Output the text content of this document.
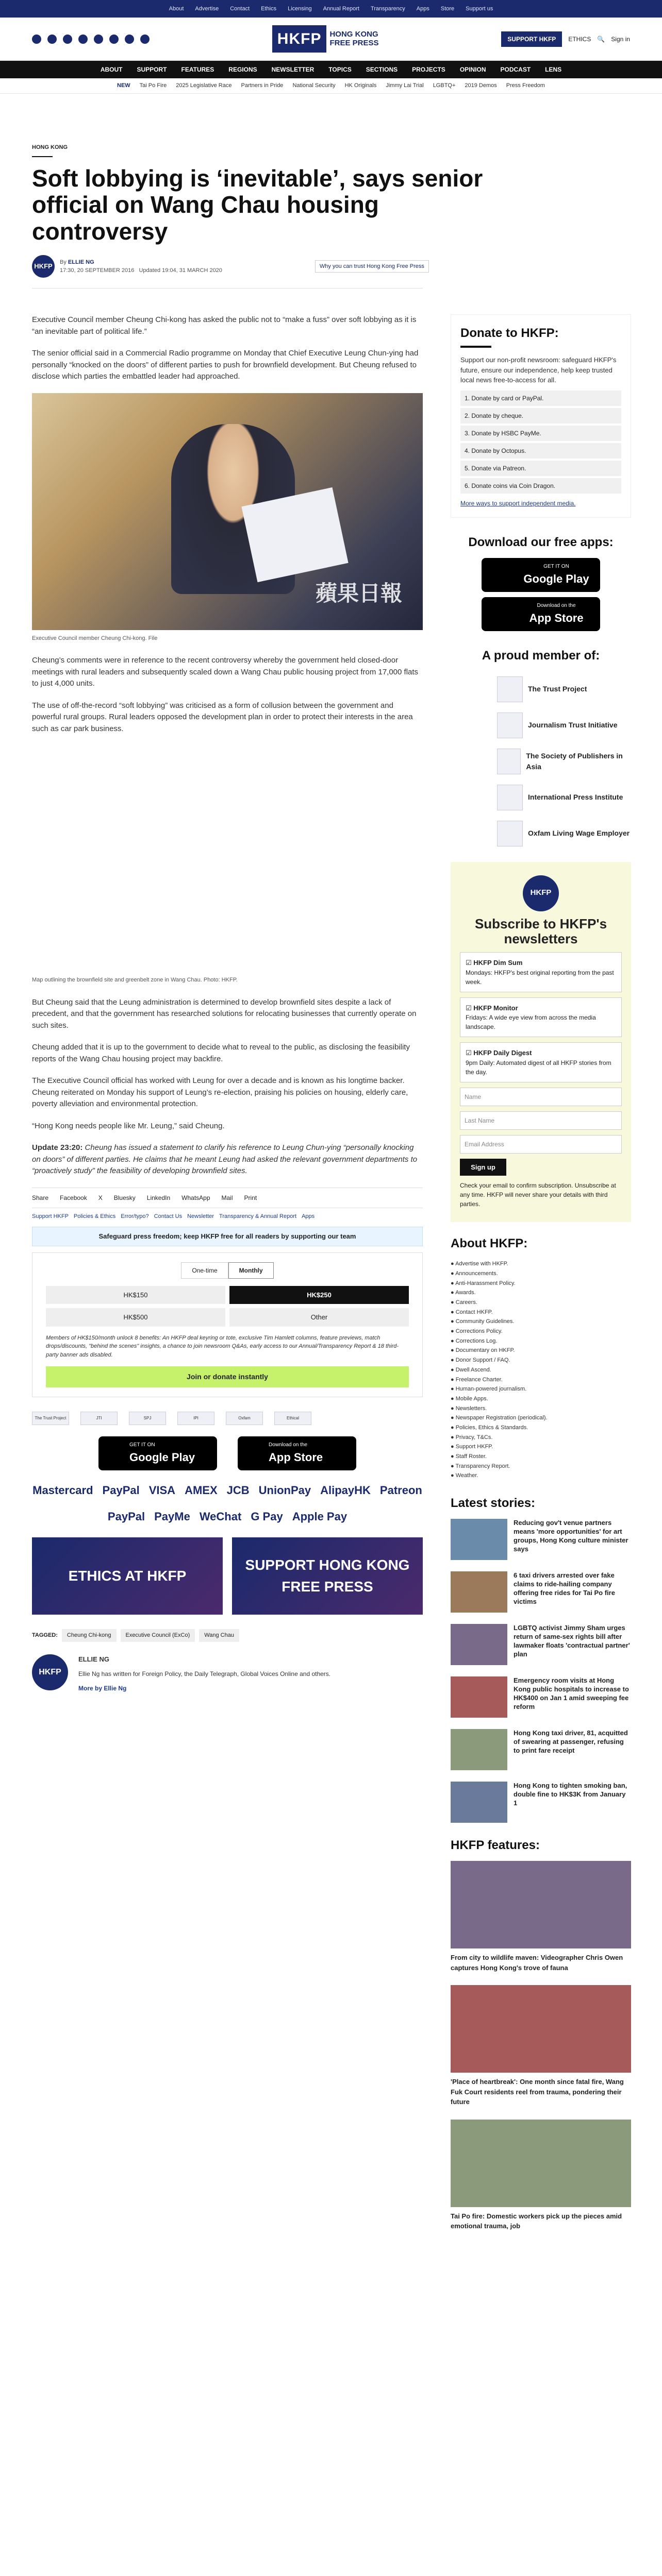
About Advertise Contact Ethics Licensing Annual Report Transparency Apps Store Support us
HKFP	HONG KONG
FREE PRESS	SUPPORT HKFP	ETHICS 🔍 Sign in
ABOUT SUPPORT FEATURES REGIONS NEWSLETTER TOPICS SECTIONS PROJECTS OPINION PODCAST LENS
NEW Tai Po Fire 2025 Legislative Race Partners in Pride National Security HK Originals Jimmy Lai Trial LGBTQ+ 2019 Demos Press Freedom
HONG KONG
Soft lobbying is ‘inevitable’, says senior official on Wang Chau housing controversy
HKFP
By ELLIE NG
17:30, 20 SEPTEMBER 2016 Updated 19:04, 31 MARCH 2020
Why you can trust Hong Kong Free Press

Executive Council member Cheung Chi-kong has asked the public not to “make a fuss” over soft lobbying as it is “an inevitable part of political life.”

The senior official said in a Commercial Radio programme on Monday that Chief Executive Leung Chun-ying had personally “knocked on the doors” of different parties to push for brownfield development. But Cheung refused to disclose which parties the embattled leader had approached.

蘋果日報
Executive Council member Cheung Chi-kong. File

Cheung’s comments were in reference to the recent controversy whereby the government held closed-door meetings with rural leaders and subsequently scaled down a Wang Chau public housing project from 17,000 flats to just 4,000 units.

The use of off-the-record “soft lobbying” was criticised as a form of collusion between the government and powerful rural groups. Rural leaders opposed the development plan in order to protect their interests in the area such as car park business.

Map outlining the brownfield site and greenbelt zone in Wang Chau. Photo: HKFP.

But Cheung said that the Leung administration is determined to develop brownfield sites despite a lack of precedent, and that the government has researched solutions for relocating businesses that currently operate on such sites.

Cheung added that it is up to the government to decide what to reveal to the public, as disclosing the feasibility reports of the Wang Chau housing project may backfire.

The Executive Council official has worked with Leung for over a decade and is known as his longtime backer. Cheung reiterated on Monday his support of Leung’s re-election, praising his policies on housing, elderly care, poverty alleviation and environmental protection.

“Hong Kong needs people like Mr. Leung,” said Cheung.

Update 23:20: Cheung has issued a statement to clarify his reference to Leung Chun-ying “personally knocking on doors” of different parties. He claims that he meant Leung had asked the relevant government departments to “proactively study” the feasibility of developing brownfield sites.

Share Facebook X Bluesky LinkedIn WhatsApp Mail Print
Support HKFP Policies & Ethics Error/typo? Contact Us Newsletter Transparency & Annual Report Apps
Safeguard press freedom; keep HKFP free for all readers by supporting our team
One-time	Monthly
HK$150	HK$250
HK$500	Other
Members of HK$150/month unlock 8 benefits: An HKFP deal keyring or tote, exclusive Tim Hamlett columns, feature previews, match drops/discounts, "behind the scenes" insights, a chance to join newsroom Q&As, early access to our Annual/Transparency Report & 18 third-party banner ads disabled.
Join or donate instantly
The Trust Project	JTI	SPJ	IPI	Oxfam	Ethical
GET IT ON
Google Play
Download on the
App Store
Mastercard PayPal VISA AMEX JCB UnionPay AlipayHK Patreon
PayPal PayMe WeChat G Pay Apple Pay
ETHICS AT HKFP
SUPPORT HONG KONG FREE PRESS
TAGGED:	Cheung Chi-kong	Executive Council (ExCo)	Wang Chau
HKFP
ELLIE NG
Ellie Ng has written for Foreign Policy, the Daily Telegraph, Global Voices Online and others.
More by Ellie Ng
Donate to HKFP:

Support our non-profit newsroom: safeguard HKFP's future, ensure our independence, help keep trusted local news free-to-access for all.

1. Donate by card or PayPal.
2. Donate by cheque.
3. Donate by HSBC PayMe.
4. Donate by Octopus.
5. Donate via Patreon.
6. Donate coins via Coin Dragon.
More ways to support independent media.
Download our free apps:
GET IT ON
Google Play
Download on the
App Store
A proud member of:
The Trust Project
Journalism Trust Initiative
The Society of Publishers in Asia
International Press Institute
Oxfam Living Wage Employer
HKFP
Subscribe to HKFP's newsletters
☑ HKFP Dim Sum
Mondays: HKFP's best original reporting from the past week.
☑ HKFP Monitor
Fridays: A wide eye view from across the media landscape.
☑ HKFP Daily Digest
9pm Daily: Automated digest of all HKFP stories from the day.
Name
Last Name
Email Address
Sign up
Check your email to confirm subscription. Unsubscribe at any time. HKFP will never share your details with third parties.
About HKFP:
● Advertise with HKFP.
● Announcements.
● Anti-Harassment Policy.
● Awards.
● Careers.
● Contact HKFP.
● Community Guidelines.
● Corrections Policy.
● Corrections Log.
● Documentary on HKFP.
● Donor Support / FAQ.
● Dwell Ascend.
● Freelance Charter.
● Human-powered journalism.
● Mobile Apps.
● Newsletters.
● Newspaper Registration (periodical).
● Policies, Ethics & Standards.
● Privacy, T&Cs.
● Support HKFP.
● Staff Roster.
● Transparency Report.
● Weather.
Latest stories:
Reducing gov't venue partners means 'more opportunities' for art groups, Hong Kong culture minister says
6 taxi drivers arrested over fake claims to ride-hailing company offering free rides for Tai Po fire victims
LGBTQ activist Jimmy Sham urges return of same-sex rights bill after lawmaker floats 'contractual partner' plan
Emergency room visits at Hong Kong public hospitals to increase to HK$400 on Jan 1 amid sweeping fee reform
Hong Kong taxi driver, 81, acquitted of swearing at passenger, refusing to print fare receipt
Hong Kong to tighten smoking ban, double fine to HK$3K from January 1
HKFP features:
From city to wildlife maven: Videographer Chris Owen captures Hong Kong's trove of fauna
'Place of heartbreak': One month since fatal fire, Wang Fuk Court residents reel from trauma, pondering their future
Tai Po fire: Domestic workers pick up the pieces amid emotional trauma, job
